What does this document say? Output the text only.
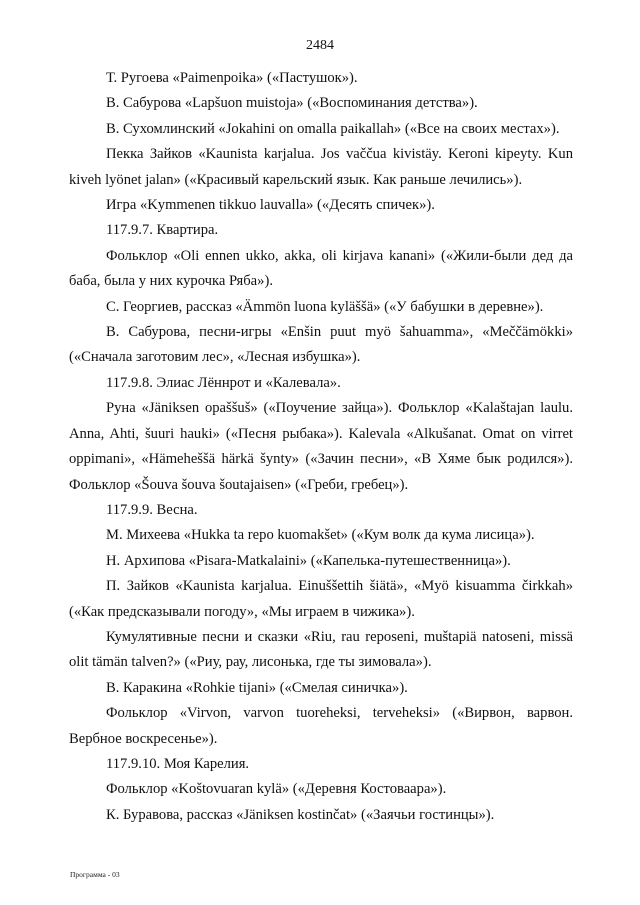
2484

Т. Ругоева «Paimenpoika» («Пастушок»).

В. Сабурова «Lapšuon muistoja» («Воспоминания детства»).

В. Сухомлинский «Jokahini on omalla paikallah» («Все на своих местах»).

Пекка Зайков «Kaunista karjalua. Jos vaččua kivistäy. Keroni kipeyty. Kun kiveh lyönet jalan» («Красивый карельский язык. Как раньше лечились»).

Игра «Kymmenen tikkuo lauvalla» («Десять спичек»).

117.9.7. Квартира.

Фольклор «Oli ennen ukko, akka, oli kirjava kanani» («Жили-были дед да баба, была у них курочка Ряба»).

С. Георгиев, рассказ «Ämmön luona kyläššä» («У бабушки в деревне»).

В. Сабурова, песни-игры «Enšin puut myö šahuamma», «Meččämökki» («Сначала заготовим лес», «Лесная избушка»).

117.9.8. Элиас Лённрот и «Калевала».

Руна «Jäniksen opaššuš» («Поучение зайца»). Фольклор «Kalaštajan laulu. Anna, Ahti, šuuri hauki» («Песня рыбака»). Kalevala «Alkušanat. Omat on virret oppimani», «Hämeheššä härkä šynty» («Зачин песни», «В Хяме бык родился»). Фольклор «Šouva šouva šoutajaisen» («Греби, гребец»).

117.9.9. Весна.

М. Михеева «Hukka ta repo kuomakšet» («Кум волк да кума лисица»).

Н. Архипова «Pisara-Matkalaini» («Капелька-путешественница»).

П. Зайков «Kaunista karjalua. Einuššettih šiätä», «Myö kisuamma čirkkah» («Как предсказывали погоду», «Мы играем в чижика»).

Кумулятивные песни и сказки «Riu, rau reposeni, muštapiä natoseni, missä olit tämän talven?» («Риу, рау, лисонька, где ты зимовала»).

В. Каракина «Rohkie tijani» («Смелая синичка»).

Фольклор «Virvon, varvon tuoreheksi, terveheksi» («Вирвон, варвон. Вербное воскресенье»).

117.9.10. Моя Карелия.

Фольклор «Koštovuaran kylä» («Деревня Костоваара»).

К. Буравова, рассказ «Jäniksen kostinčat» («Заячьи гостинцы»).

Программа - 03
